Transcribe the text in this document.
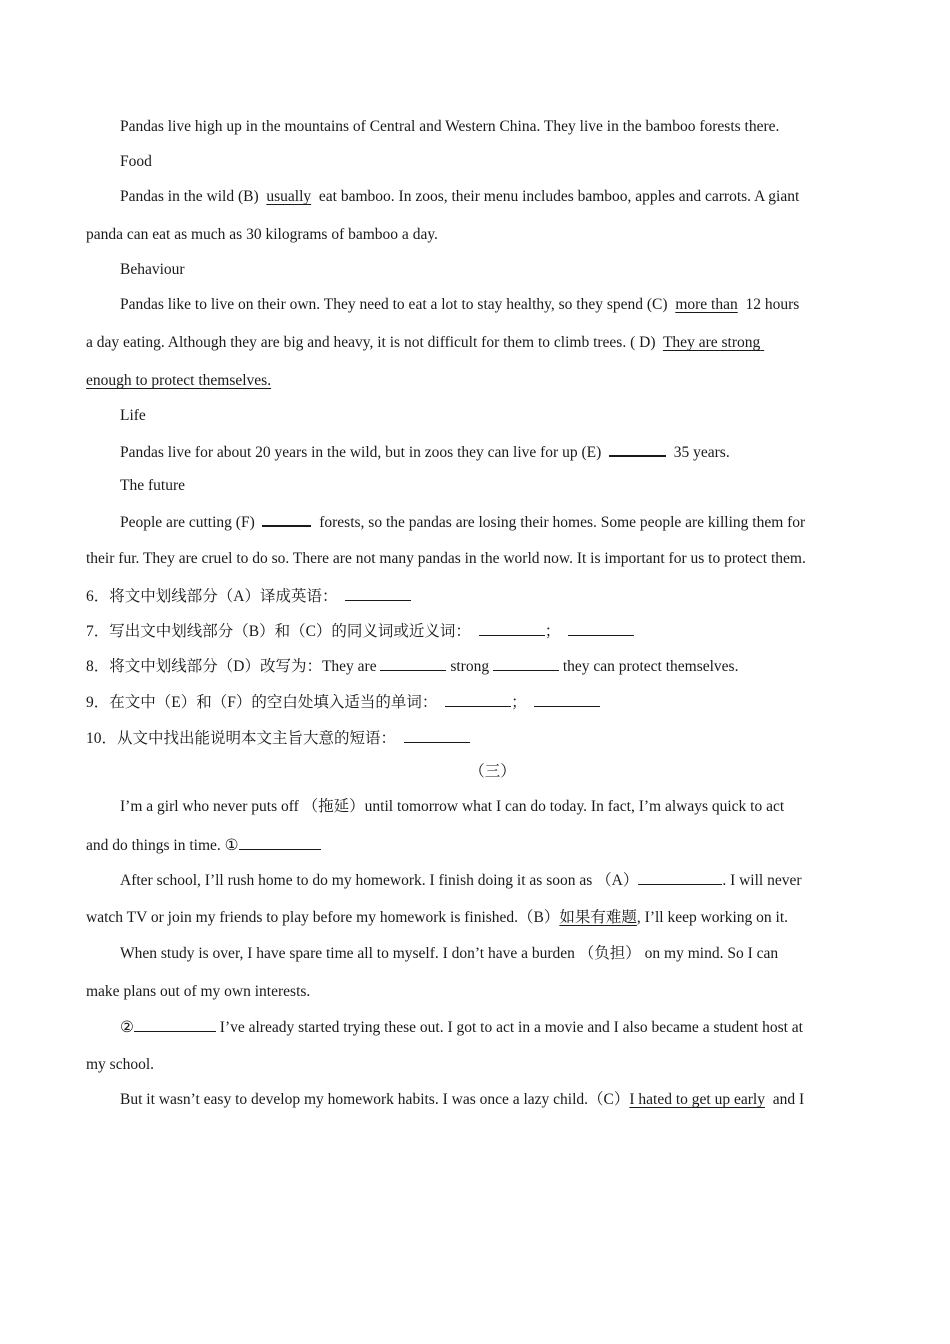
Pandas live high up in the mountains of Central and Western China. They live in the bamboo forests there.
Food
Pandas in the wild (B) usually eat bamboo. In zoos, their menu includes bamboo, apples and carrots. A giant
panda can eat as much as 30 kilograms of bamboo a day.
Behaviour
Pandas like to live on their own. They need to eat a lot to stay healthy, so they spend (C) more than 12 hours
a day eating. Although they are big and heavy, it is not difficult for them to climb trees. ( D) They are strong
enough to protect themselves.
Life
Pandas live for about 20 years in the wild, but in zoos they can live for up (E)	35 years.
The future
People are cutting (F)	forests, so the pandas are losing their homes. Some people are killing them for
their fur. They are cruel to do so. There are not many pandas in the world now. It is important for us to protect them.
6．将文中划线部分（A）译成英语：
7．写出文中划线部分（B）和（C）的同义词或近义词：	；
8．将文中划线部分（D）改写为：They are	strong	they can protect themselves.
9．在文中（E）和（F）的空白处填入适当的单词：	；
10．从文中找出能说明本文主旨大意的短语：
（三）
I’m a girl who never puts off （拖延）until tomorrow what I can do today. In fact, I’m always quick to act
and do things in time. ①
After school, I’ll rush home to do my homework. I finish doing it as soon as （A）	. I will never
watch TV or join my friends to play before my homework is finished.（B）如果有难题, I’ll keep working on it.
When study is over, I have spare time all to myself. I don’t have a burden （负担） on my mind. So I can
make plans out of my own interests.
②	I’ve already started trying these out. I got to act in a movie and I also became a student host at
my school.
But it wasn’t easy to develop my homework habits. I was once a lazy child.（C）I hated to get up early and I
